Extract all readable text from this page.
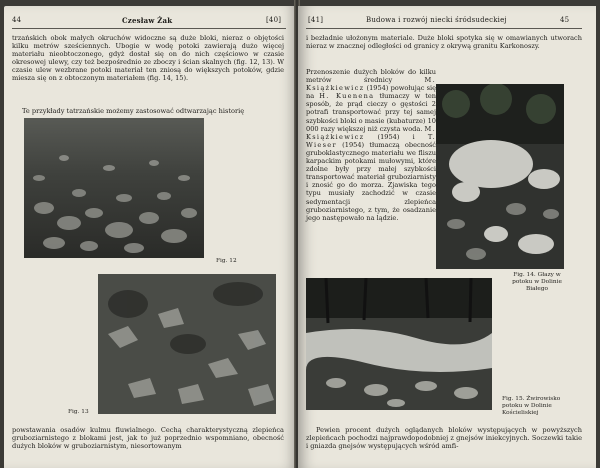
44	Czesław Żak	[40]

trzańskich obok małych okruchów widoczne są duże bloki, nieraz o objętości kilku metrów sześciennych. Ubogie w wodę potoki zawierają dużo więcej materiału nieobtoczonego, gdyż dostał się on do nich częściowo w czasie okresowej ulewy, czy też bezpośrednio ze zboczy i ścian skalnych (fig. 12, 13). W czasie ulew wezbrane potoki materiał ten zniosą do większych potoków, gdzie miesza się on z obtoczonym materiałem (fig. 14, 15).

Te przykłady tatrzańskie możemy zastosować odtwarzając historię

Fig. 12
Fig. 13

powstawania osadów kulmu fluwialnego. Cechą charakterystyczną zlepieńca gruboziarnistego z blokami jest, jak to już poprzednio wspomniano, obecność dużych bloków w gruboziarnistym, niesortowanym

[41]	Budowa i rozwój niecki śródsudeckiej	45

i bezładnie ułożonym materiale. Duże bloki spotyka się w omawianych utworach nieraz w znacznej odległości od granicy z okrywą granitu Karkonoszy.

Przenoszenie dużych bloków do kilku metrów średnicy	M. Książkiewicz (1954) powołując się na H. Kuenena tłumaczy w ten sposób, że prąd cieczy o gęstości 2 potrafi transportować przy tej samej szybkości bloki o masie (kubaturze) 10 000 razy większej niż czysta woda. M. Książkiewicz (1954) i T. Wieser (1954) tłumaczą obecność gruboklastycznego materiału we fliszu karpackim potokami mułowymi, które zdolne były przy małej szybkości transportować materiał gruboziarnisty i znosić go do morza. Zjawiska tego typu musiały zachodzić w czasie sedymentacji zlepieńca gruboziarnistego, z tym, że osadzanie jego następowało na lądzie.

Fig. 14. Głazy w potoku w Dolinie Białego
Fig. 15. Żwirowisko potoku w Dolinie Kościeliskiej

Pewien procent dużych oglądanych bloków występujących w powyższych zlepieńcach pochodzi najprawdopodobniej z gnejsów iniekcyjnych. Soczewki takie i gniazda gnejsów występujących wśród amfi-
